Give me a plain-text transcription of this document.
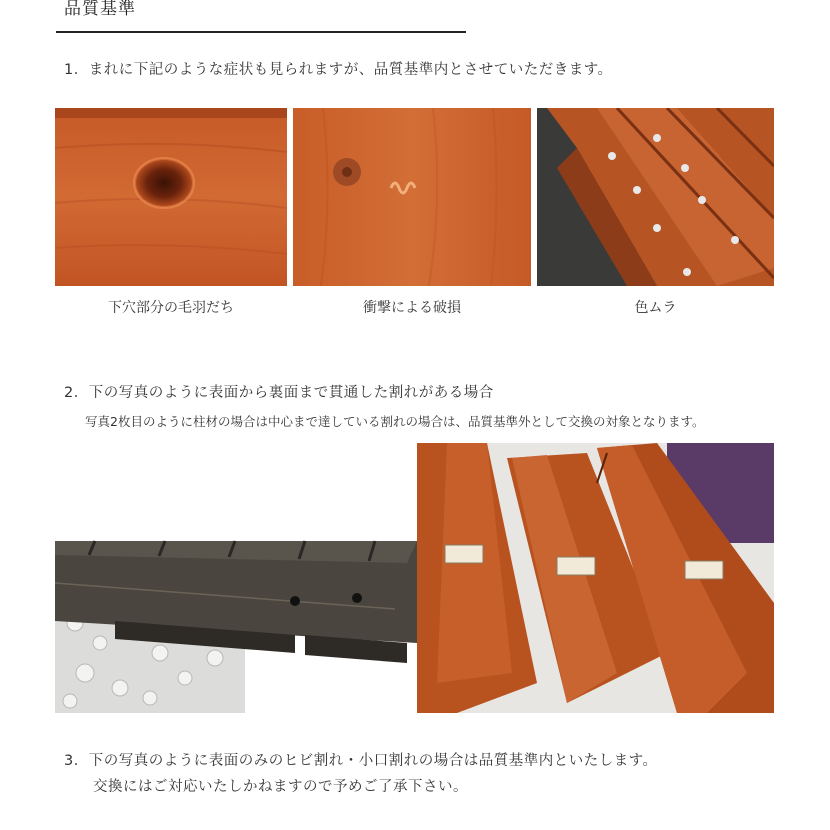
品質基準
1．まれに下記のような症状も見られますが、品質基準内とさせていただきます。
下穴部分の毛羽だち	衝撃による破損	色ムラ
2．下の写真のように表面から裏面まで貫通した割れがある場合
写真2枚目のように柱材の場合は中心まで達している割れの場合は、品質基準外として交換の対象となります。
3．下の写真のように表面のみのヒビ割れ・小口割れの場合は品質基準内といたします。
交換にはご対応いたしかねますので予めご了承下さい。
